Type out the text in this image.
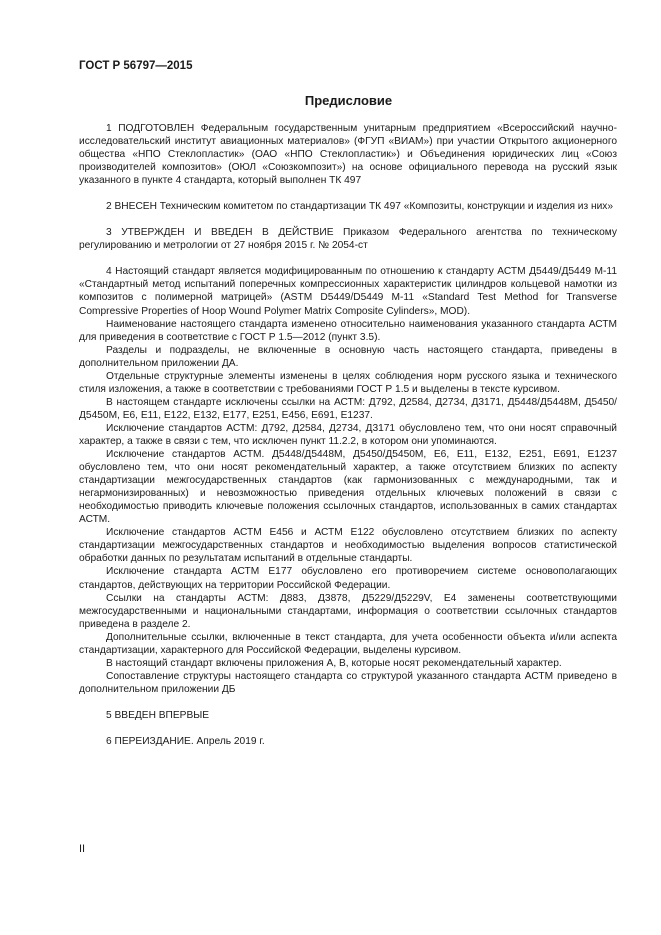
ГОСТ Р 56797—2015
Предисловие

1 ПОДГОТОВЛЕН Федеральным государственным унитарным предприятием «Всероссийский научно-исследовательский институт авиационных материалов» (ФГУП «ВИАМ») при участии Открытого акционерного общества «НПО Стеклопластик» (ОАО «НПО Стеклопластик») и Объединения юридических лиц «Союз производителей композитов» (ОЮЛ «Союзкомпозит») на основе официального перевода на русский язык указанного в пункте 4 стандарта, который выполнен ТК 497

2 ВНЕСЕН Техническим комитетом по стандартизации ТК 497 «Композиты, конструкции и изделия из них»

3 УТВЕРЖДЕН И ВВЕДЕН В ДЕЙСТВИЕ Приказом Федерального агентства по техническому регулированию и метрологии от 27 ноября 2015 г. № 2054-ст

4 Настоящий стандарт является модифицированным по отношению к стандарту АСТМ Д5449/Д5449 М-11 «Стандартный метод испытаний поперечных компрессионных характеристик цилиндров кольцевой намотки из композитов с полимерной матрицей» (ASTM D5449/D5449 M-11 «Standard Test Method for Transverse Compressive Properties of Hoop Wound Polymer Matrix Composite Cylinders», MOD).

Наименование настоящего стандарта изменено относительно наименования указанного стандарта АСТМ для приведения в соответствие с ГОСТ Р 1.5—2012 (пункт 3.5).

Разделы и подразделы, не включенные в основную часть настоящего стандарта, приведены в дополнительном приложении ДА.

Отдельные структурные элементы изменены в целях соблюдения норм русского языка и технического стиля изложения, а также в соответствии с требованиями ГОСТ Р 1.5 и выделены в тексте курсивом.

В настоящем стандарте исключены ссылки на АСТМ: Д792, Д2584, Д2734, Д3171, Д5448/Д5448М, Д5450/Д5450М, Е6, Е11, Е122, Е132, Е177, Е251, Е456, Е691, Е1237.

Исключение стандартов АСТМ: Д792, Д2584, Д2734, Д3171 обусловлено тем, что они носят справочный характер, а также в связи с тем, что исключен пункт 11.2.2, в котором они упоминаются.

Исключение стандартов АСТМ. Д5448/Д5448М, Д5450/Д5450М, Е6, Е11, Е132, Е251, Е691, Е1237 обусловлено тем, что они носят рекомендательный характер, а также отсутствием близких по аспекту стандартизации межгосударственных стандартов (как гармонизованных с международными, так и негармонизированных) и невозможностью приведения отдельных ключевых положений в связи с необходимостью приводить ключевые положения ссылочных стандартов, использованных в самих стандартах АСТМ.

Исключение стандартов АСТМ Е456 и АСТМ Е122 обусловлено отсутствием близких по аспекту стандартизации межгосударственных стандартов и необходимостью выделения вопросов статистической обработки данных по результатам испытаний в отдельные стандарты.

Исключение стандарта АСТМ Е177 обусловлено его противоречием системе основополагающих стандартов, действующих на территории Российской Федерации.

Ссылки на стандарты АСТМ: Д883, Д3878, Д5229/Д5229V, Е4 заменены соответствующими межгосударственными и национальными стандартами, информация о соответствии ссылочных стандартов приведена в разделе 2.

Дополнительные ссылки, включенные в текст стандарта, для учета особенности объекта и/или аспекта стандартизации, характерного для Российской Федерации, выделены курсивом.

В настоящий стандарт включены приложения А, В, которые носят рекомендательный характер.

Сопоставление структуры настоящего стандарта со структурой указанного стандарта АСТМ приведено в дополнительном приложении ДБ

5 ВВЕДЕН ВПЕРВЫЕ

6 ПЕРЕИЗДАНИЕ. Апрель 2019 г.

II
